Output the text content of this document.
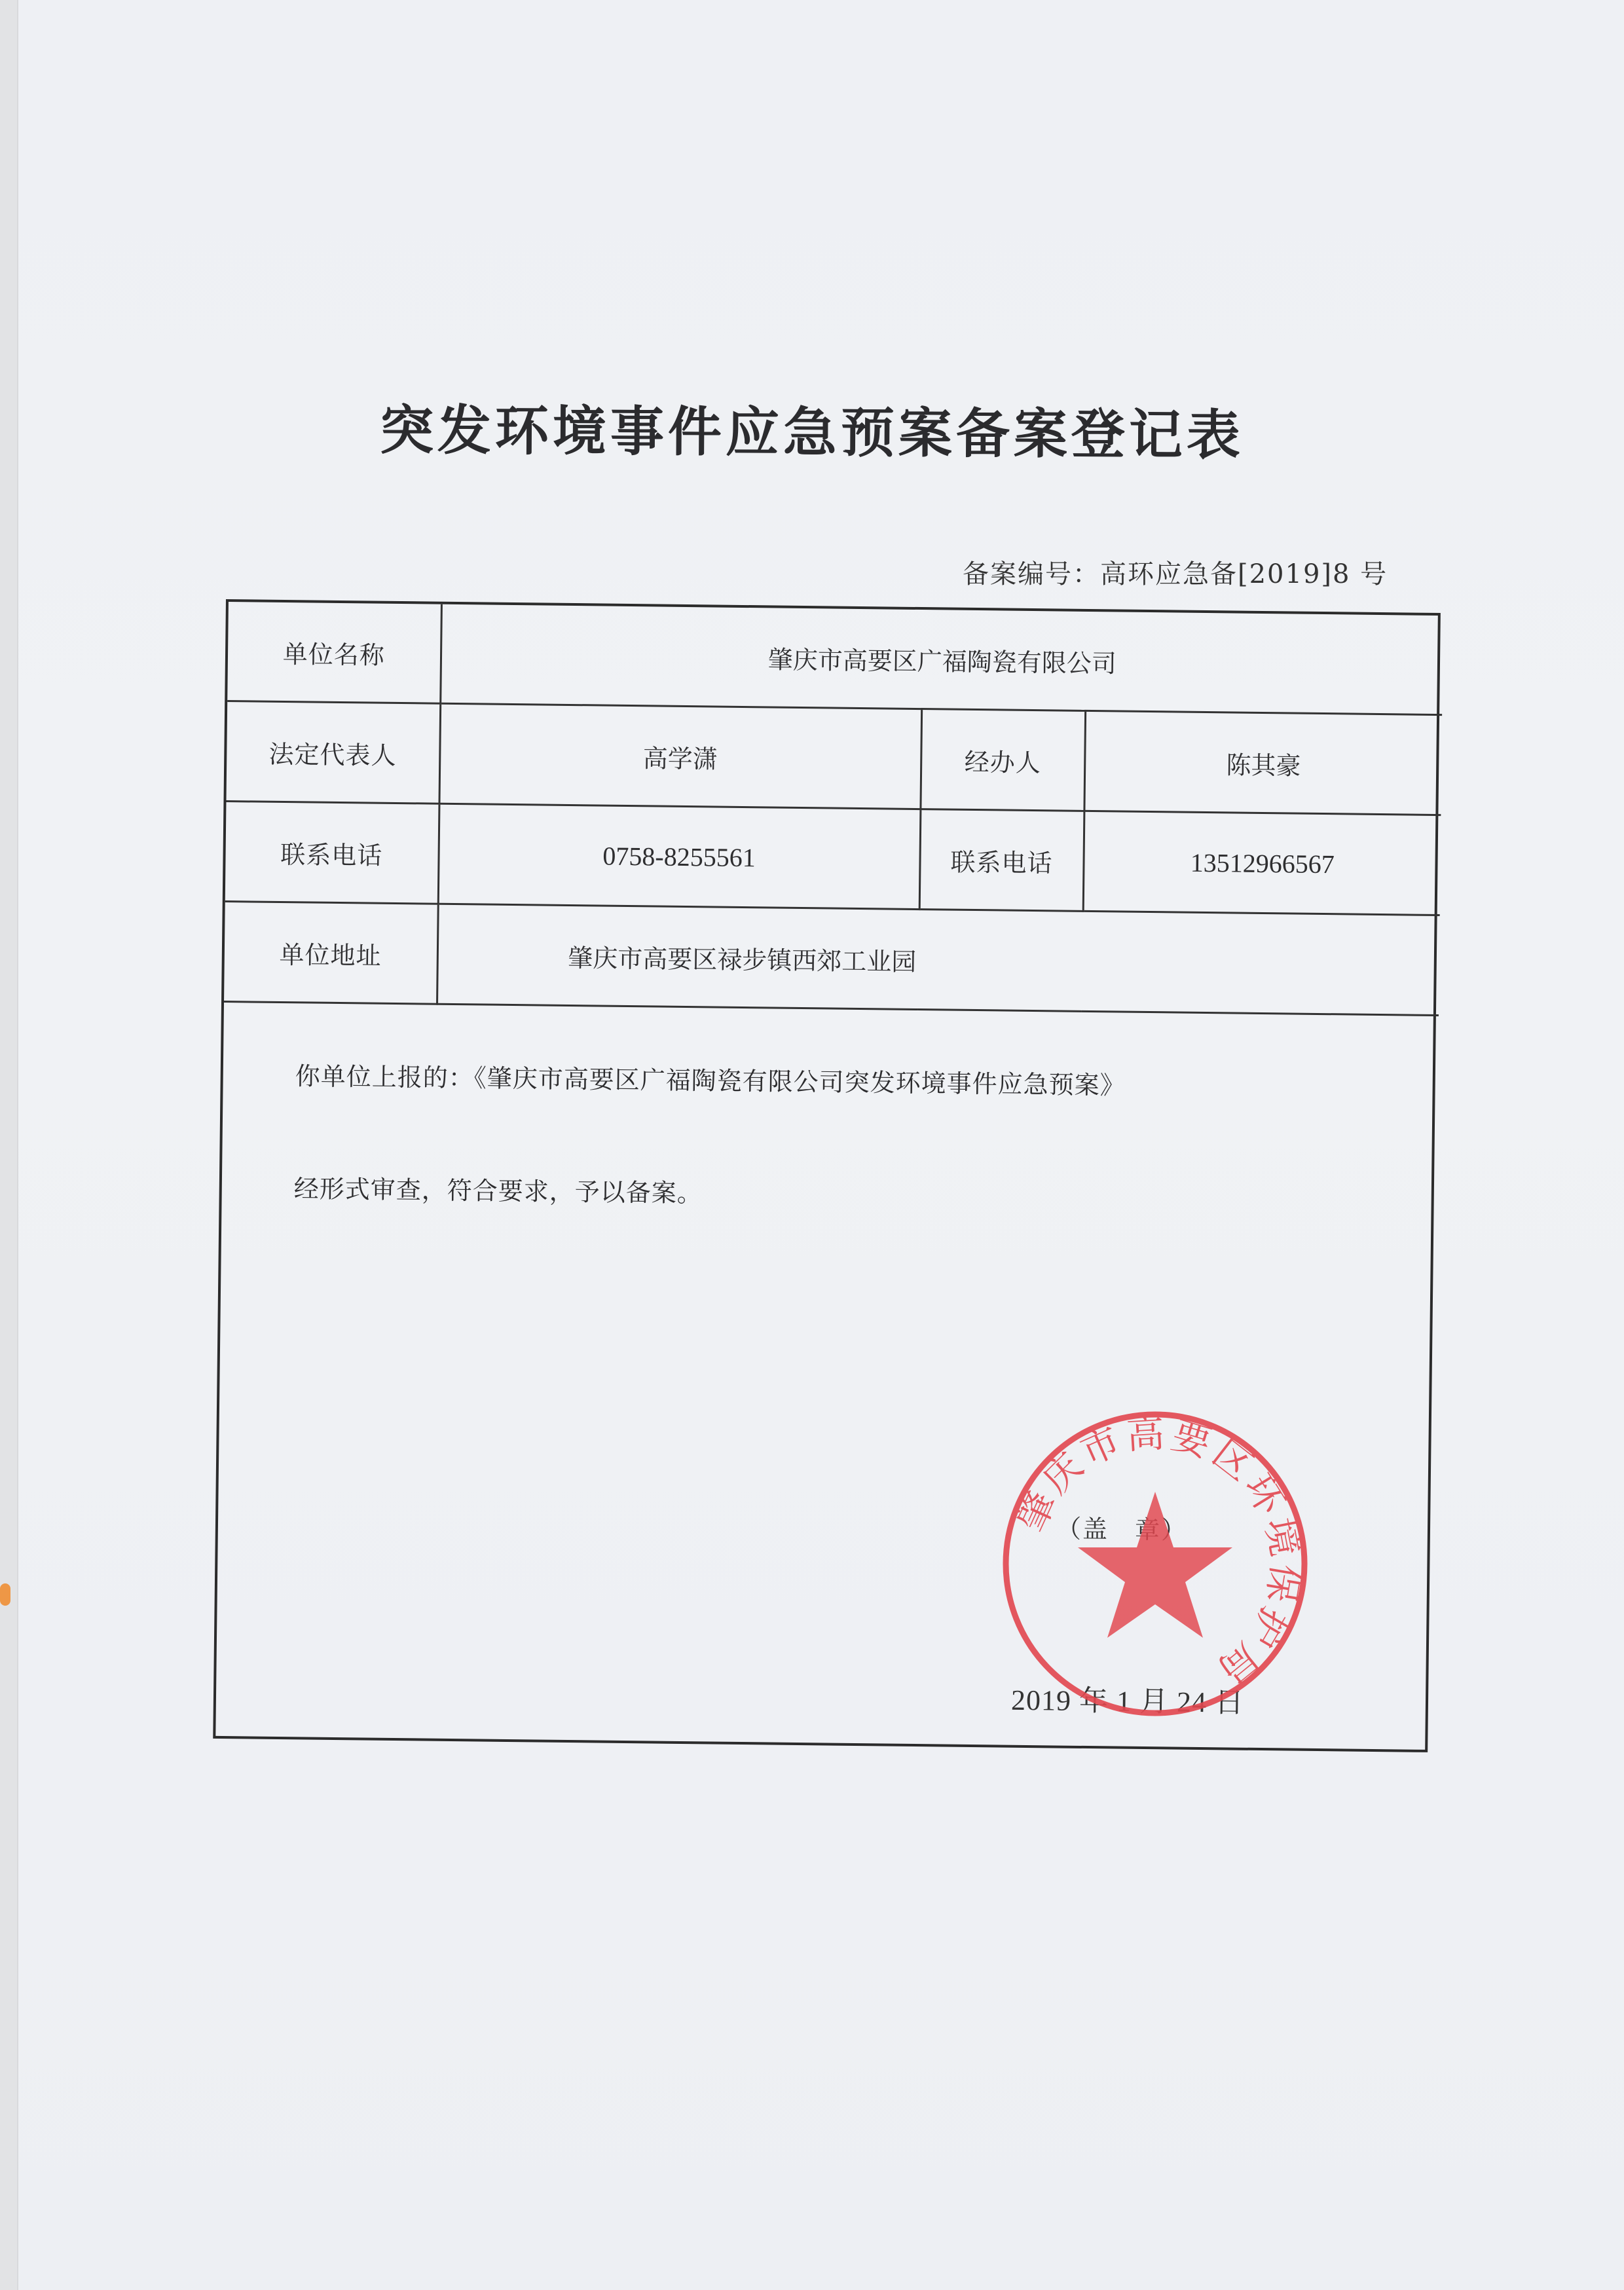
突发环境事件应急预案备案登记表
备案编号：高环应急备[2019]8 号
单位名称	肇庆市高要区广福陶瓷有限公司		
法定代表人	高学潇	经办人	陈其豪
联系电话	0758-8255561	联系电话	13512966567
单位地址	肇庆市高要区禄步镇西郊工业园		

你单位上报的：《肇庆市高要区广福陶瓷有限公司突发环境事件应急预案》
经形式审查，符合要求，予以备案。
（盖　章）
2019 年 1 月 24 日			
肇庆市高要区环境保护局
